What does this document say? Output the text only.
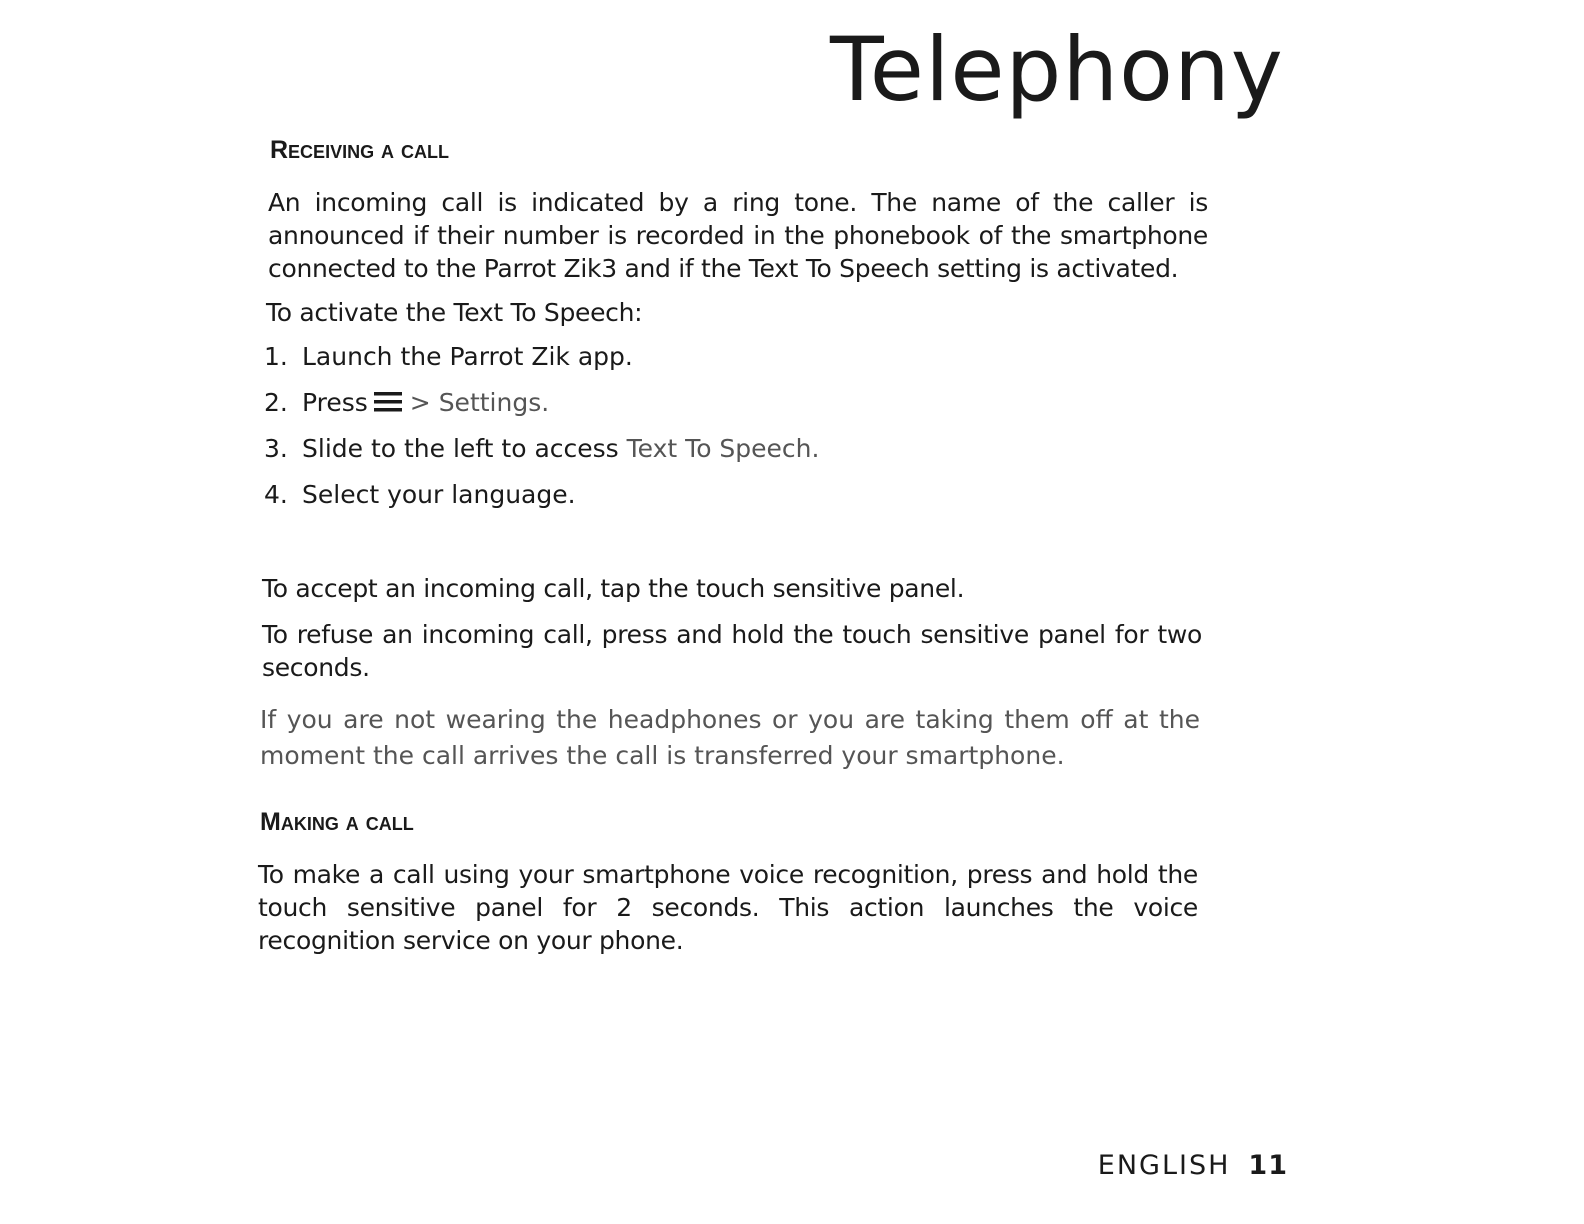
Telephony
Receiving a call

An incoming call is indicated by a ring tone. The name of the caller is announced if their number is recorded in the phonebook of the smartphone connected to the Parrot Zik3 and if the Text To Speech setting is activated.

To activate the Text To Speech:

1. Launch the Parrot Zik app.
2. Press > Settings.
3. Slide to the left to access Text To Speech.
4. Select your language.

To accept an incoming call, tap the touch sensitive panel.

To refuse an incoming call, press and hold the touch sensitive panel for two seconds.

If you are not wearing the headphones or you are taking them off at the moment the call arrives the call is transferred your smartphone.

Making a call

To make a call using your smartphone voice recognition, press and hold the touch sensitive panel for 2 seconds. This action launches the voice recognition service on your phone.

ENGLISH 11
